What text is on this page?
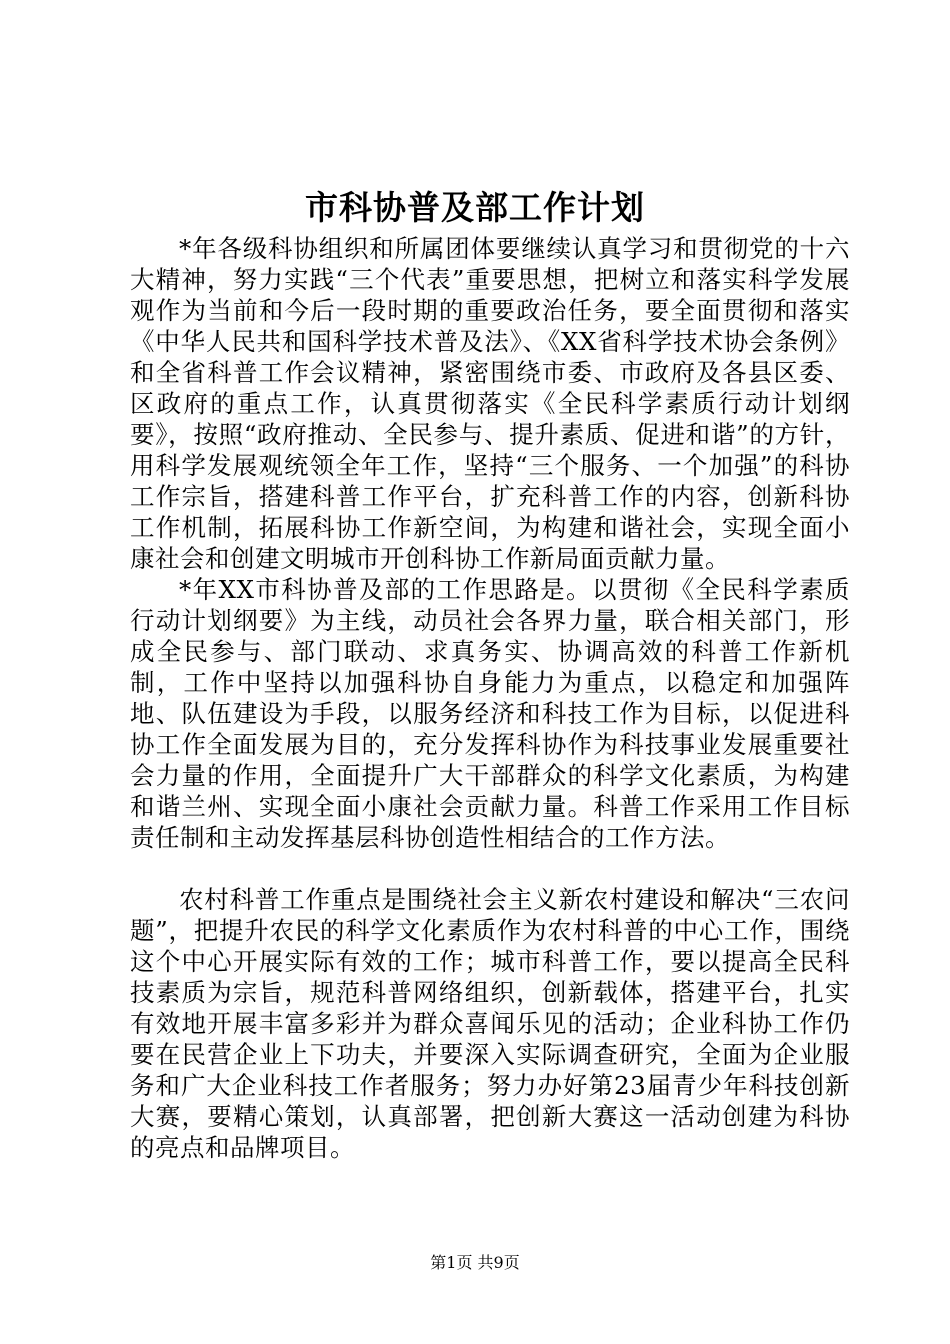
市科协普及部工作计划

*年各级科协组织和所属团体要继续认真学习和贯彻党的十六大精神，努力实践“三个代表”重要思想，把树立和落实科学发展观作为当前和今后一段时期的重要政治任务，要全面贯彻和落实《中华人民共和国科学技术普及法》、《XX省科学技术协会条例》和全省科普工作会议精神，紧密围绕市委、市政府及各县区委、区政府的重点工作，认真贯彻落实《全民科学素质行动计划纲要》，按照“政府推动、全民参与、提升素质、促进和谐”的方针，用科学发展观统领全年工作，坚持“三个服务、一个加强”的科协工作宗旨，搭建科普工作平台，扩充科普工作的内容，创新科协工作机制，拓展科协工作新空间，为构建和谐社会，实现全面小康社会和创建文明城市开创科协工作新局面贡献力量。

*年XX市科协普及部的工作思路是。以贯彻《全民科学素质行动计划纲要》为主线，动员社会各界力量，联合相关部门，形成全民参与、部门联动、求真务实、协调高效的科普工作新机制，工作中坚持以加强科协自身能力为重点，以稳定和加强阵地、队伍建设为手段，以服务经济和科技工作为目标，以促进科协工作全面发展为目的，充分发挥科协作为科技事业发展重要社会力量的作用，全面提升广大干部群众的科学文化素质，为构建和谐兰州、实现全面小康社会贡献力量。科普工作采用工作目标责任制和主动发挥基层科协创造性相结合的工作方法。

农村科普工作重点是围绕社会主义新农村建设和解决“三农问题”，把提升农民的科学文化素质作为农村科普的中心工作，围绕这个中心开展实际有效的工作；城市科普工作，要以提高全民科技素质为宗旨，规范科普网络组织，创新载体，搭建平台，扎实有效地开展丰富多彩并为群众喜闻乐见的活动；企业科协工作仍要在民营企业上下功夫，并要深入实际调查研究，全面为企业服务和广大企业科技工作者服务；努力办好第23届青少年科技创新大赛，要精心策划，认真部署，把创新大赛这一活动创建为科协的亮点和品牌项目。

第1页 共9页
